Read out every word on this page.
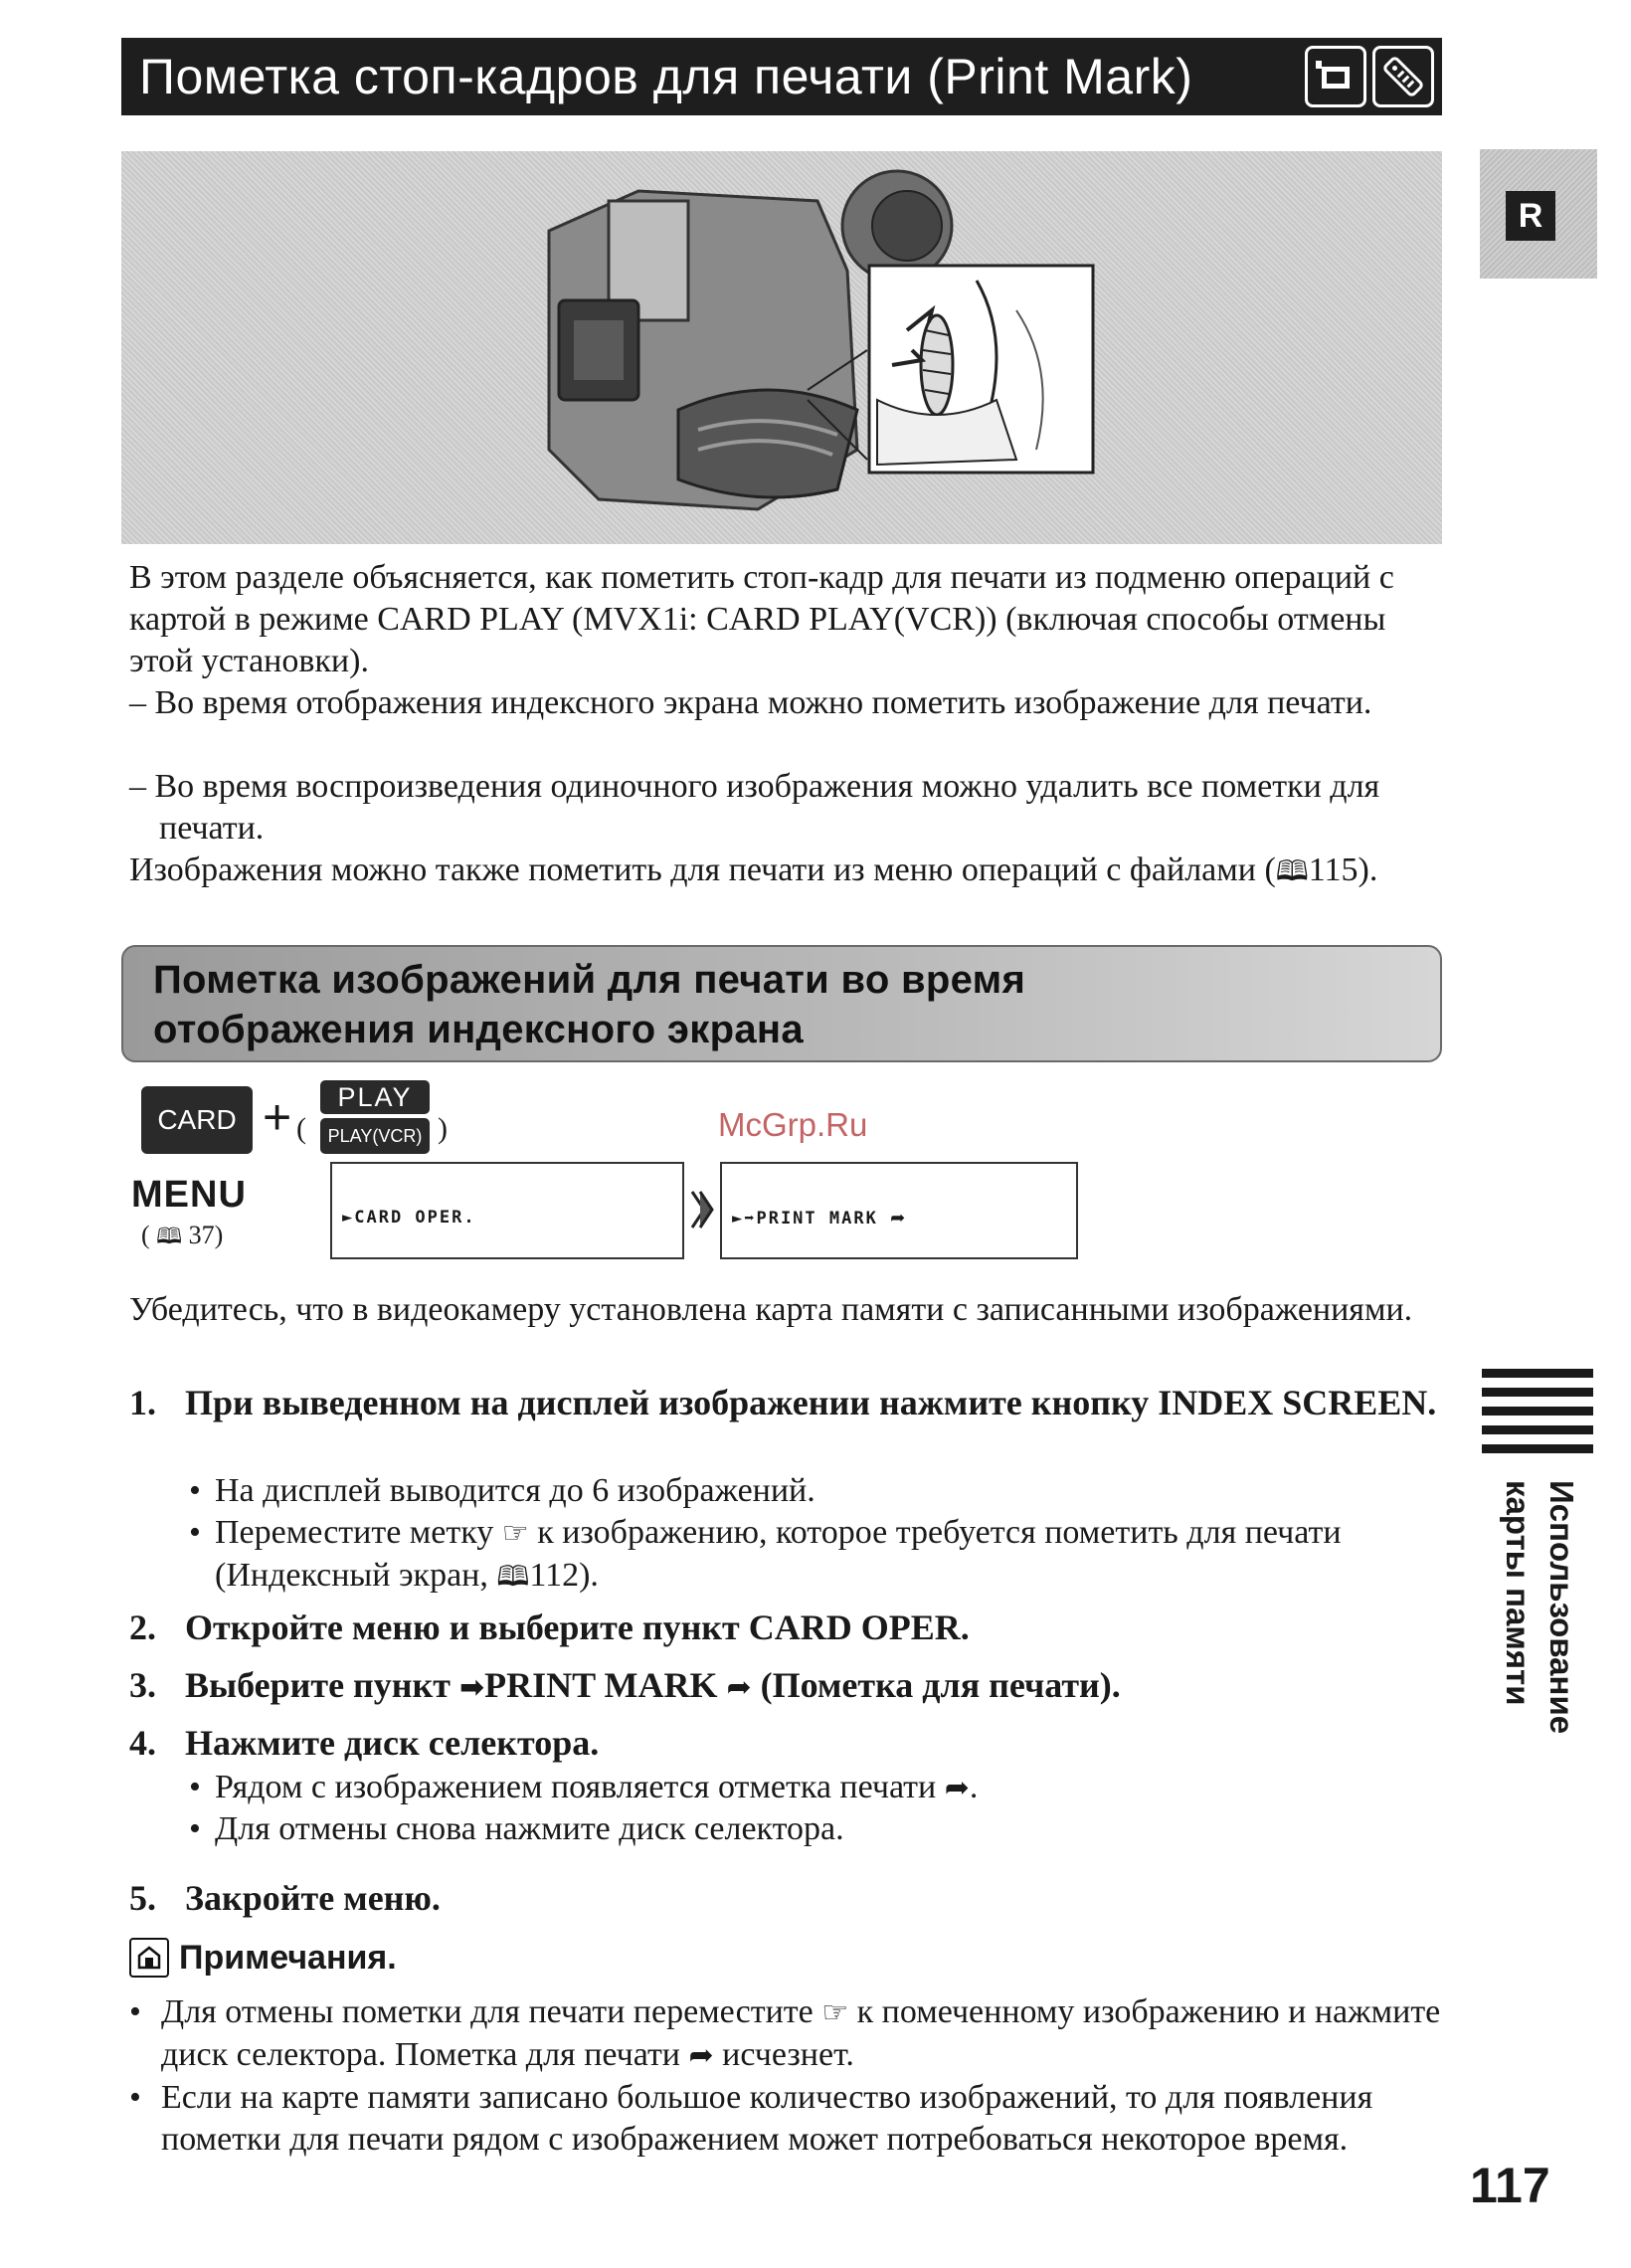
Пометка стоп-кадров для печати (Print Mark)
R

В этом разделе объясняется, как пометить стоп-кадр для печати из подменю операций с картой в режиме CARD PLAY (MVX1i: CARD PLAY(VCR)) (включая способы отмены этой установки).

– Во время отображения индексного экрана можно пометить изображение для печати.

– Во время воспроизведения одиночного изображения можно удалить все пометки для печати.

Изображения можно также пометить для печати из меню операций с файлами (🕮115).

Пометка изображений для печати во время
отображения индексного экрана
CARD + (
PLAY
PLAY(VCR) )	McGrp.Ru
MENU
( 🕮 37)
►CARD OPER.	►➡PRINT MARK ➦

Убедитесь, что в видеокамеру установлена карта памяти с записанными изображениями.

1. При выведенном на дисплей изображении нажмите кнопку INDEX SCREEN.
• На дисплей выводится до 6 изображений.
• Переместите метку ☞ к изображению, которое требуется пометить для печати (Индексный экран, 🕮112).
2. Откройте меню и выберите пункт CARD OPER.
3. Выберите пункт ➡PRINT MARK ➦ (Пометка для печати).
4. Нажмите диск селектора.
• Рядом с изображением появляется отметка печати ➦.
• Для отмены снова нажмите диск селектора.
5. Закройте меню.
Примечания.
• Для отмены пометки для печати переместите ☞ к помеченному изображению и нажмите диск селектора. Пометка для печати ➦ исчезнет.
• Если на карте памяти записано большое количество изображений, то для появления пометки для печати рядом с изображением может потребоваться некоторое время.
Использование карты памяти
117
